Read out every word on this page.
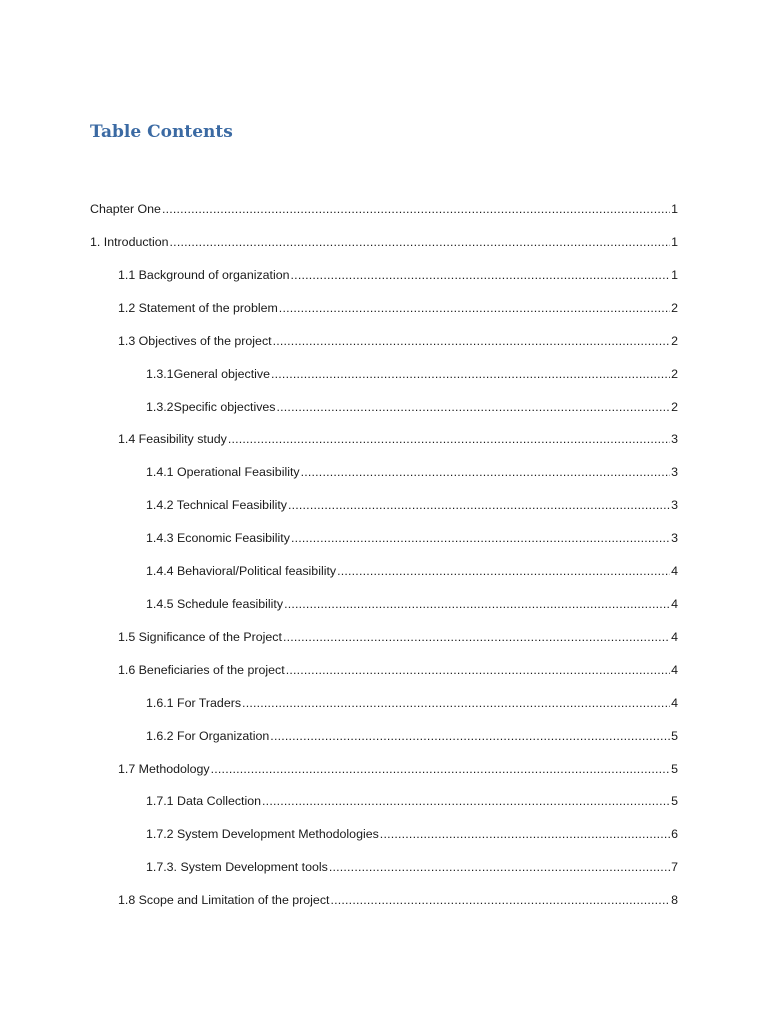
Table Contents
Chapter One .....	1
1. Introduction .....	1
1.1 Background of organization .....	1
1.2 Statement of the problem .....	2
1.3 Objectives of the project .....	2
1.3.1 General objective .....	2
1.3.2 Specific objectives .....	2
1.4 Feasibility study .....	3
1.4.1 Operational Feasibility .....	3
1.4.2 Technical Feasibility .....	3
1.4.3 Economic Feasibility .....	3
1.4.4 Behavioral/Political feasibility .....	4
1.4.5 Schedule feasibility .....	4
1.5 Significance of the Project .....	4
1.6 Beneficiaries of the project .....	4
1.6.1 For Traders .....	4
1.6.2 For Organization .....	5
1.7 Methodology .....	5
1.7.1 Data Collection .....	5
1.7.2 System Development Methodologies .....	6
1.7.3. System Development tools .....	7
1.8 Scope and Limitation of the project .....	8
